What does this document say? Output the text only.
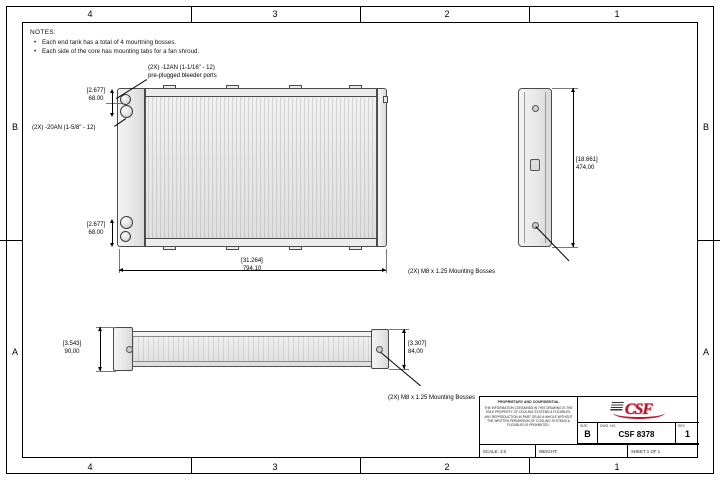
4	3	2	1
4	3	2	1
B
A
B
A
NOTES:
• Each end tank has a total of 4 mourtning bosses.
• Each side of the core has mounting tabs for a fan shroud.
[2.677]
68.00
[2.677]
68.00
[31.264]
794,10
(2X) -12AN (1-1/16" - 12)
pre-plugged bleeder ports
(2X) -20AN (1-5/8" - 12)
[18.661]
474,00
(2X) M8 x 1.25 Mounting Bosses
[3.543]
90,00
[3.307]
84,00
(2X) M8 x 1.25 Mounting Bosses
PROPRIETARY AND CONFIDENTIAL
THE INFORMATION CONTAINED IN THIS DRAWING IS THE SOLE PROPERTY OF COOLING SYSTEMS & FLEXIBLES. ANY REPRODUCTION IN PART OR AS A WHOLE WITHOUT THE WRITTEN PERMISSION OF COOLING SYSTEMS & FLEXIBLES IS PROHIBITED.
CSF
SIZE
B
DWG. NO.
CSF 8378
REV
1
SCALE: 1:5	WEIGHT:	SHEET 1 OF 1
